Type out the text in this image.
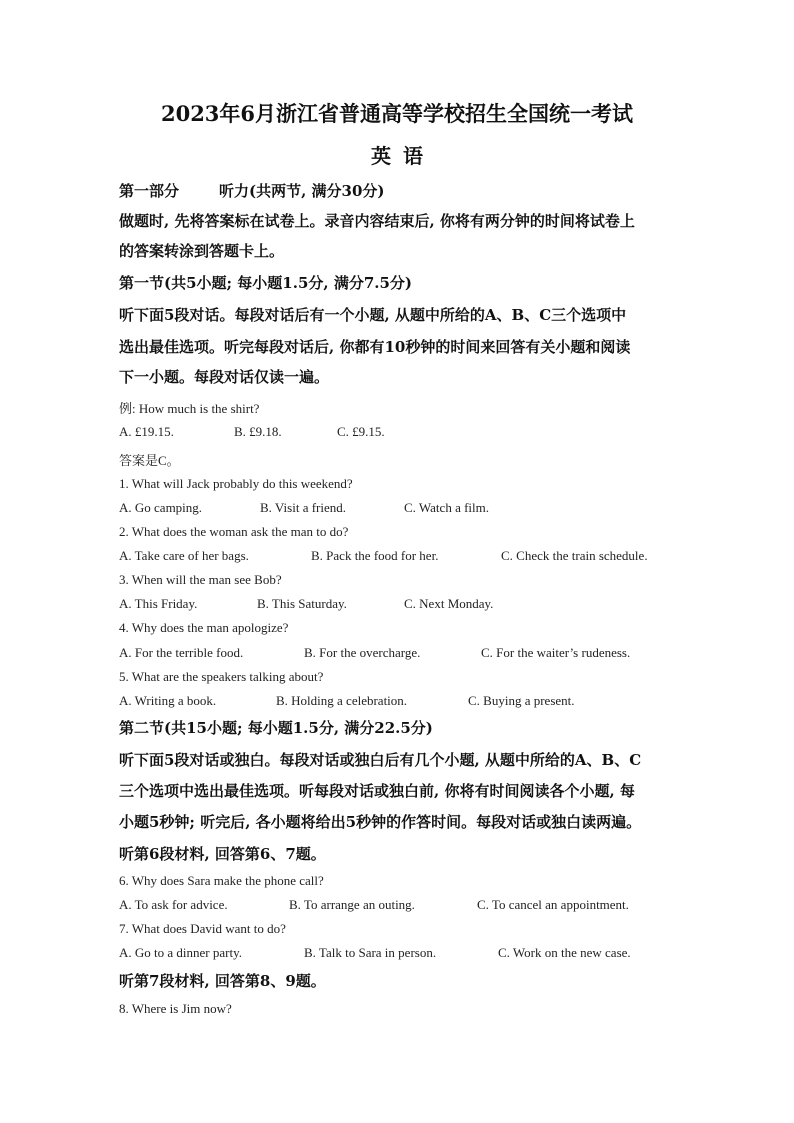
2023年6月浙江省普通高等学校招生全国统一考试
英语
第一部分	听力(共两节, 满分30分)
做题时, 先将答案标在试卷上。录音内容结束后, 你将有两分钟的时间将试卷上
的答案转涂到答题卡上。
第一节(共5小题; 每小题1.5分, 满分7.5分)
听下面5段对话。每段对话后有一个小题, 从题中所给的A、B、C三个选项中
选出最佳选项。听完每段对话后, 你都有10秒钟的时间来回答有关小题和阅读
下一小题。每段对话仅读一遍。
例: How much is the shirt?
A. £19.15.	B. £9.18.	C. £9.15.
答案是C。
1. What will Jack probably do this weekend?
A. Go camping.	B. Visit a friend.	C. Watch a film.
2. What does the woman ask the man to do?
A. Take care of her bags.	B. Pack the food for her.	C. Check the train schedule.
3. When will the man see Bob?
A. This Friday.	B. This Saturday.	C. Next Monday.
4. Why does the man apologize?
A. For the terrible food.	B. For the overcharge.	C. For the waiter’s rudeness.
5. What are the speakers talking about?
A. Writing a book.	B. Holding a celebration.	C. Buying a present.
第二节(共15小题; 每小题1.5分, 满分22.5分)
听下面5段对话或独白。每段对话或独白后有几个小题, 从题中所给的A、B、C
三个选项中选出最佳选项。听每段对话或独白前, 你将有时间阅读各个小题, 每
小题5秒钟; 听完后, 各小题将给出5秒钟的作答时间。每段对话或独白读两遍。
听第6段材料, 回答第6、7题。
6. Why does Sara make the phone call?
A. To ask for advice.	B. To arrange an outing.	C. To cancel an appointment.
7. What does David want to do?
A. Go to a dinner party.	B. Talk to Sara in person.	C. Work on the new case.
听第7段材料, 回答第8、9题。
8. Where is Jim now?
